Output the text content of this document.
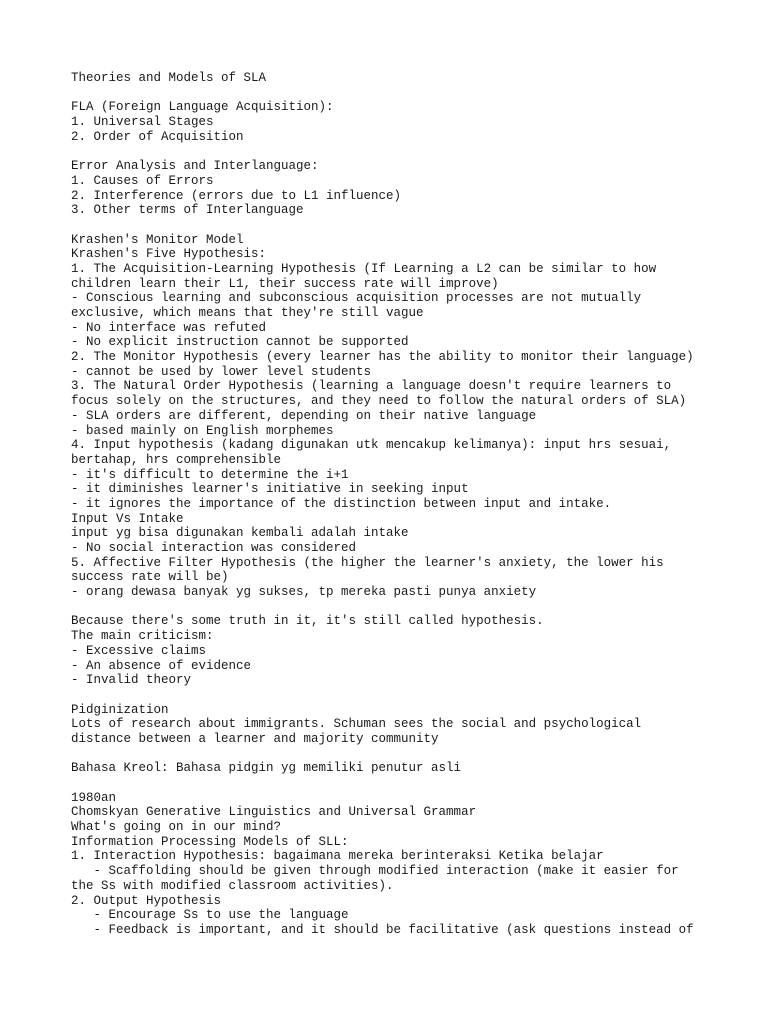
Theories and Models of SLA
FLA (Foreign Language Acquisition):
1. Universal Stages
2. Order of Acquisition
Error Analysis and Interlanguage:
1. Causes of Errors
2. Interference (errors due to L1 influence)
3. Other terms of Interlanguage
Krashen's Monitor Model
Krashen's Five Hypothesis:
1. The Acquisition-Learning Hypothesis (If Learning a L2 can be similar to how
children learn their L1, their success rate will improve)
- Conscious learning and subconscious acquisition processes are not mutually
exclusive, which means that they're still vague
- No interface was refuted
- No explicit instruction cannot be supported
2. The Monitor Hypothesis (every learner has the ability to monitor their language)
- cannot be used by lower level students
3. The Natural Order Hypothesis (learning a language doesn't require learners to
focus solely on the structures, and they need to follow the natural orders of SLA)
- SLA orders are different, depending on their native language
- based mainly on English morphemes
4. Input hypothesis (kadang digunakan utk mencakup kelimanya): input hrs sesuai,
bertahap, hrs comprehensible
- it's difficult to determine the i+1
- it diminishes learner's initiative in seeking input
- it ignores the importance of the distinction between input and intake.
Input Vs Intake
input yg bisa digunakan kembali adalah intake
- No social interaction was considered
5. Affective Filter Hypothesis (the higher the learner's anxiety, the lower his
success rate will be)
- orang dewasa banyak yg sukses, tp mereka pasti punya anxiety
Because there's some truth in it, it's still called hypothesis.
The main criticism:
- Excessive claims
- An absence of evidence
- Invalid theory
Pidginization
Lots of research about immigrants. Schuman sees the social and psychological
distance between a learner and majority community
Bahasa Kreol: Bahasa pidgin yg memiliki penutur asli
1980an
Chomskyan Generative Linguistics and Universal Grammar
What's going on in our mind?
Information Processing Models of SLL:
1. Interaction Hypothesis: bagaimana mereka berinteraksi Ketika belajar
- Scaffolding should be given through modified interaction (make it easier for
the Ss with modified classroom activities).
2. Output Hypothesis
- Encourage Ss to use the language
- Feedback is important, and it should be facilitative (ask questions instead of
